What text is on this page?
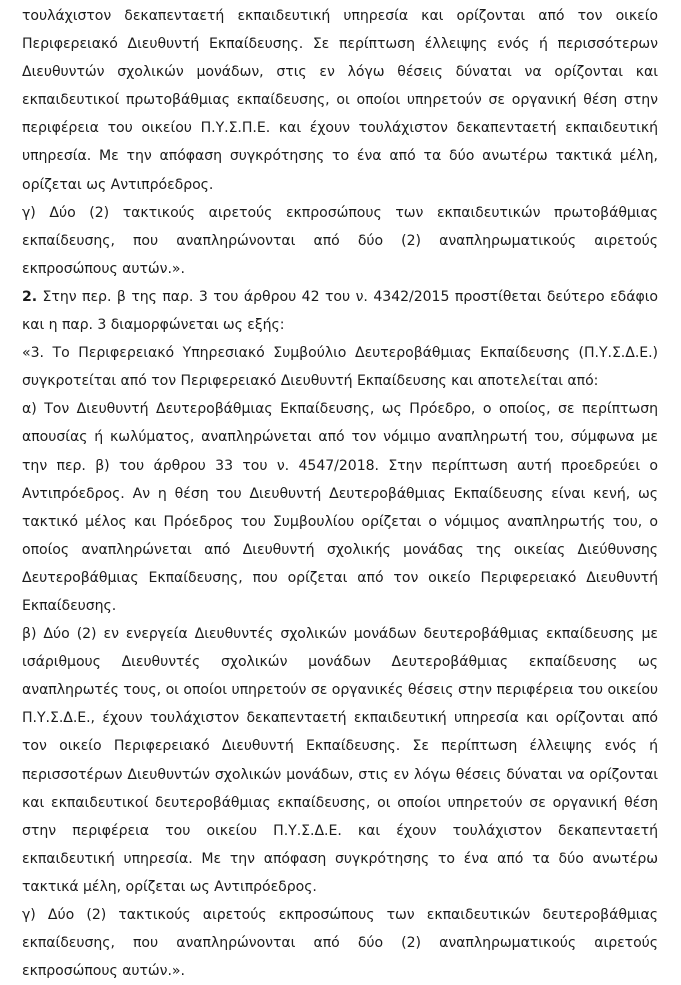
τουλάχιστον δεκαπενταετή εκπαιδευτική υπηρεσία και ορίζονται από τον οικείο Περιφερειακό Διευθυντή Εκπαίδευσης. Σε περίπτωση έλλειψης ενός ή περισσότερων Διευθυντών σχολικών μονάδων, στις εν λόγω θέσεις δύναται να ορίζονται και εκπαιδευτικοί πρωτοβάθμιας εκπαίδευσης, οι οποίοι υπηρετούν σε οργανική θέση στην περιφέρεια του οικείου Π.Υ.Σ.Π.Ε. και έχουν τουλάχιστον δεκαπενταετή εκπαιδευτική υπηρεσία. Με την απόφαση συγκρότησης το ένα από τα δύο ανωτέρω τακτικά μέλη, ορίζεται ως Αντιπρόεδρος.

γ) Δύο (2) τακτικούς αιρετούς εκπροσώπους των εκπαιδευτικών πρωτοβάθμιας εκπαίδευσης, που αναπληρώνονται από δύο (2) αναπληρωματικούς αιρετούς εκπροσώπους αυτών.».

2. Στην περ. β της παρ. 3 του άρθρου 42 του ν. 4342/2015 προστίθεται δεύτερο εδάφιο και η παρ. 3 διαμορφώνεται ως εξής:

«3. Το Περιφερειακό Υπηρεσιακό Συμβούλιο Δευτεροβάθμιας Εκπαίδευσης (Π.Υ.Σ.Δ.Ε.) συγκροτείται από τον Περιφερειακό Διευθυντή Εκπαίδευσης και αποτελείται από:

α) Τον Διευθυντή Δευτεροβάθμιας Εκπαίδευσης, ως Πρόεδρο, ο οποίος, σε περίπτωση απουσίας ή κωλύματος, αναπληρώνεται από τον νόμιμο αναπληρωτή του, σύμφωνα με την περ. β) του άρθρου 33 του ν. 4547/2018. Στην περίπτωση αυτή προεδρεύει ο Αντιπρόεδρος. Αν η θέση του Διευθυντή Δευτεροβάθμιας Εκπαίδευσης είναι κενή, ως τακτικό μέλος και Πρόεδρος του Συμβουλίου ορίζεται ο νόμιμος αναπληρωτής του, ο οποίος αναπληρώνεται από Διευθυντή σχολικής μονάδας της οικείας Διεύθυνσης Δευτεροβάθμιας Εκπαίδευσης, που ορίζεται από τον οικείο Περιφερειακό Διευθυντή Εκπαίδευσης.

β) Δύο (2) εν ενεργεία Διευθυντές σχολικών μονάδων δευτεροβάθμιας εκπαίδευσης με ισάριθμους Διευθυντές σχολικών μονάδων Δευτεροβάθμιας εκπαίδευσης ως αναπληρωτές τους, οι οποίοι υπηρετούν σε οργανικές θέσεις στην περιφέρεια του οικείου Π.Υ.Σ.Δ.Ε., έχουν τουλάχιστον δεκαπενταετή εκπαιδευτική υπηρεσία και ορίζονται από τον οικείο Περιφερειακό Διευθυντή Εκπαίδευσης. Σε περίπτωση έλλειψης ενός ή περισσοτέρων Διευθυντών σχολικών μονάδων, στις εν λόγω θέσεις δύναται να ορίζονται και εκπαιδευτικοί δευτεροβάθμιας εκπαίδευσης, οι οποίοι υπηρετούν σε οργανική θέση στην περιφέρεια του οικείου Π.Υ.Σ.Δ.Ε. και έχουν τουλάχιστον δεκαπενταετή εκπαιδευτική υπηρεσία. Με την απόφαση συγκρότησης το ένα από τα δύο ανωτέρω τακτικά μέλη, ορίζεται ως Αντιπρόεδρος.

γ) Δύο (2) τακτικούς αιρετούς εκπροσώπους των εκπαιδευτικών δευτεροβάθμιας εκπαίδευσης, που αναπληρώνονται από δύο (2) αναπληρωματικούς αιρετούς εκπροσώπους αυτών.».
